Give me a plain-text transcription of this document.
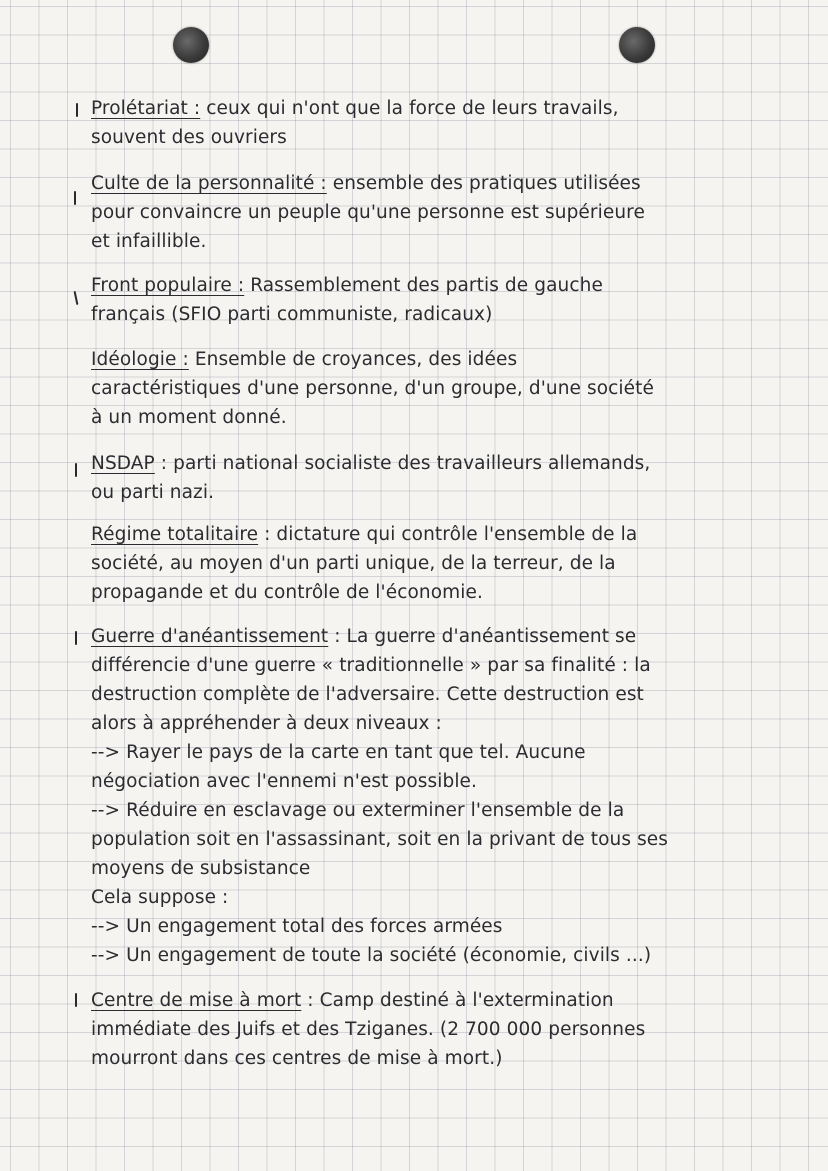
Prolétariat : ceux qui n'ont que la force de leurs travails,
souvent des ouvriers
Culte de la personnalité : ensemble des pratiques utilisées
pour convaincre un peuple qu'une personne est supérieure
et infaillible.
Front populaire : Rassemblement des partis de gauche
français (SFIO parti communiste, radicaux)
Idéologie : Ensemble de croyances, des idées
caractéristiques d'une personne, d'un groupe, d'une société
à un moment donné.
NSDAP : parti national socialiste des travailleurs allemands,
ou parti nazi.
Régime totalitaire : dictature qui contrôle l'ensemble de la
société, au moyen d'un parti unique, de la terreur, de la
propagande et du contrôle de l'économie.
Guerre d'anéantissement : La guerre d'anéantissement se
différencie d'une guerre « traditionnelle » par sa finalité : la
destruction complète de l'adversaire. Cette destruction est
alors à appréhender à deux niveaux :
--> Rayer le pays de la carte en tant que tel. Aucune
négociation avec l'ennemi n'est possible.
--> Réduire en esclavage ou exterminer l'ensemble de la
population soit en l'assassinant, soit en la privant de tous ses
moyens de subsistance
Cela suppose :
--> Un engagement total des forces armées
--> Un engagement de toute la société (économie, civils ...)
Centre de mise à mort : Camp destiné à l'extermination
immédiate des Juifs et des Tziganes. (2 700 000 personnes
mourront dans ces centres de mise à mort.)
